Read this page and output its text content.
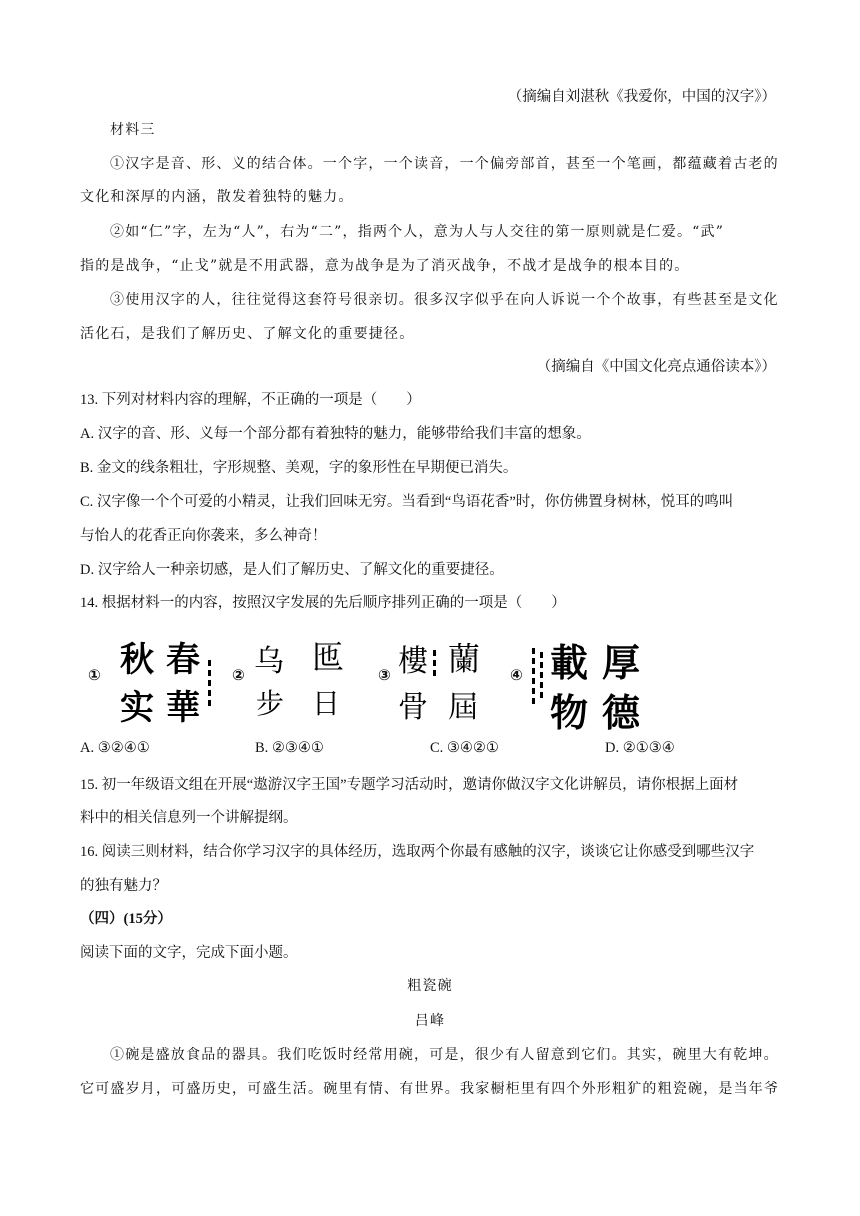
（摘编自刘湛秋《我爱你，中国的汉字》）
材料三
①汉字是音、形、义的结合体。一个字，一个读音，一个偏旁部首，甚至一个笔画，都蕴藏着古老的
文化和深厚的内涵，散发着独特的魅力。
②如“仁”字，左为“人”，右为“二”，指两个人，意为人与人交往的第一原则就是仁爱。“武”
指的是战争，“止戈”就是不用武器，意为战争是为了消灭战争，不战才是战争的根本目的。
③使用汉字的人，往往觉得这套符号很亲切。很多汉字似乎在向人诉说一个个故事，有些甚至是文化
活化石，是我们了解历史、了解文化的重要捷径。
（摘编自《中国文化亮点通俗读本》）
13. 下列对材料内容的理解，不正确的一项是（　　）
A. 汉字的音、形、义每一个部分都有着独特的魅力，能够带给我们丰富的想象。
B. 金文的线条粗壮，字形规整、美观，字的象形性在早期便已消失。
C. 汉字像一个个可爱的小精灵，让我们回味无穷。当看到“鸟语花香”时，你仿佛置身树林，悦耳的鸣叫
与怡人的花香正向你袭来，多么神奇！
D. 汉字给人一种亲切感，是人们了解历史、了解文化的重要捷径。
14. 根据材料一的内容，按照汉字发展的先后顺序排列正确的一项是（　　）
① 秋 春
实 華
② 乌 匜
步 日
③ 樓 蘭
骨 屆
④ 載 厚
物 德
A. ③②④①	B. ②③④①	C. ③④②①	D. ②①③④
15. 初一年级语文组在开展“遨游汉字王国”专题学习活动时，邀请你做汉字文化讲解员，请你根据上面材
料中的相关信息列一个讲解提纲。
16. 阅读三则材料，结合你学习汉字的具体经历，选取两个你最有感触的汉字，谈谈它让你感受到哪些汉字
的独有魅力？
（四）(15分）
阅读下面的文字，完成下面小题。
粗瓷碗
吕峰
①碗是盛放食品的器具。我们吃饭时经常用碗，可是，很少有人留意到它们。其实，碗里大有乾坤。
它可盛岁月，可盛历史，可盛生活。碗里有情、有世界。我家橱柜里有四个外形粗犷的粗瓷碗，是当年爷
